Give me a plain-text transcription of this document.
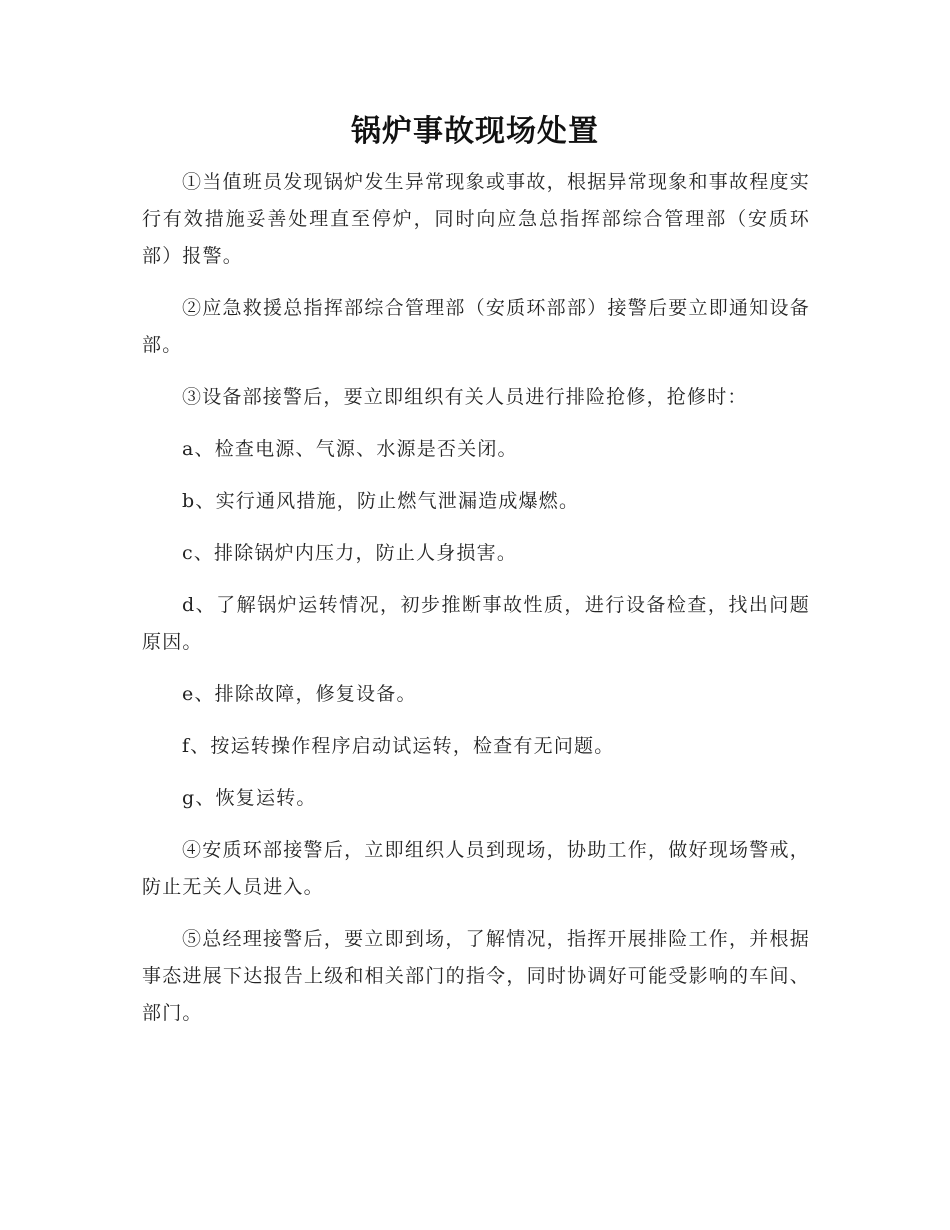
锅炉事故现场处置

①当值班员发现锅炉发生异常现象或事故，根据异常现象和事故程度实行有效措施妥善处理直至停炉，同时向应急总指挥部综合管理部（安质环部）报警。

②应急救援总指挥部综合管理部（安质环部部）接警后要立即通知设备部。

③设备部接警后，要立即组织有关人员进行排险抢修，抢修时：

a、检查电源、气源、水源是否关闭。

b、实行通风措施，防止燃气泄漏造成爆燃。

c、排除锅炉内压力，防止人身损害。

d、了解锅炉运转情况，初步推断事故性质，进行设备检查，找出问题原因。

e、排除故障，修复设备。

f、按运转操作程序启动试运转，检查有无问题。

g、恢复运转。

④安质环部接警后，立即组织人员到现场，协助工作，做好现场警戒，防止无关人员进入。

⑤总经理接警后，要立即到场，了解情况，指挥开展排险工作，并根据事态进展下达报告上级和相关部门的指令，同时协调好可能受影响的车间、部门。
